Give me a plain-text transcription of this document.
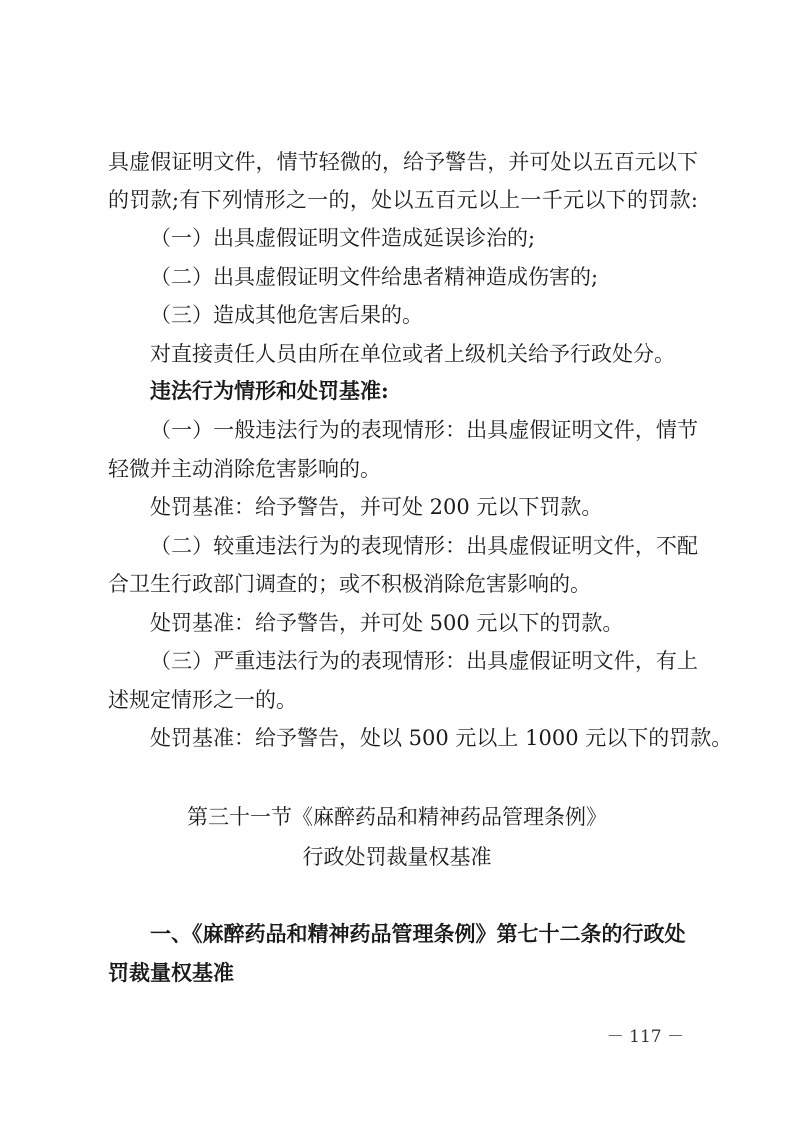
具虚假证明文件，情节轻微的，给予警告，并可处以五百元以下
的罚款;有下列情形之一的，处以五百元以上一千元以下的罚款:
（一）出具虚假证明文件造成延误诊治的;
（二）出具虚假证明文件给患者精神造成伤害的;
（三）造成其他危害后果的。
对直接责任人员由所在单位或者上级机关给予行政处分。
违法行为情形和处罚基准:
（一）一般违法行为的表现情形：出具虚假证明文件，情节
轻微并主动消除危害影响的。
处罚基准：给予警告，并可处 200 元以下罚款。
（二）较重违法行为的表现情形：出具虚假证明文件，不配
合卫生行政部门调查的；或不积极消除危害影响的。
处罚基准：给予警告，并可处 500 元以下的罚款。
（三）严重违法行为的表现情形：出具虚假证明文件，有上
述规定情形之一的。
处罚基准：给予警告，处以 500 元以上 1000 元以下的罚款。
第三十一节《麻醉药品和精神药品管理条例》
行政处罚裁量权基准
一、《麻醉药品和精神药品管理条例》第七十二条的行政处
罚裁量权基准
－ 117 －
